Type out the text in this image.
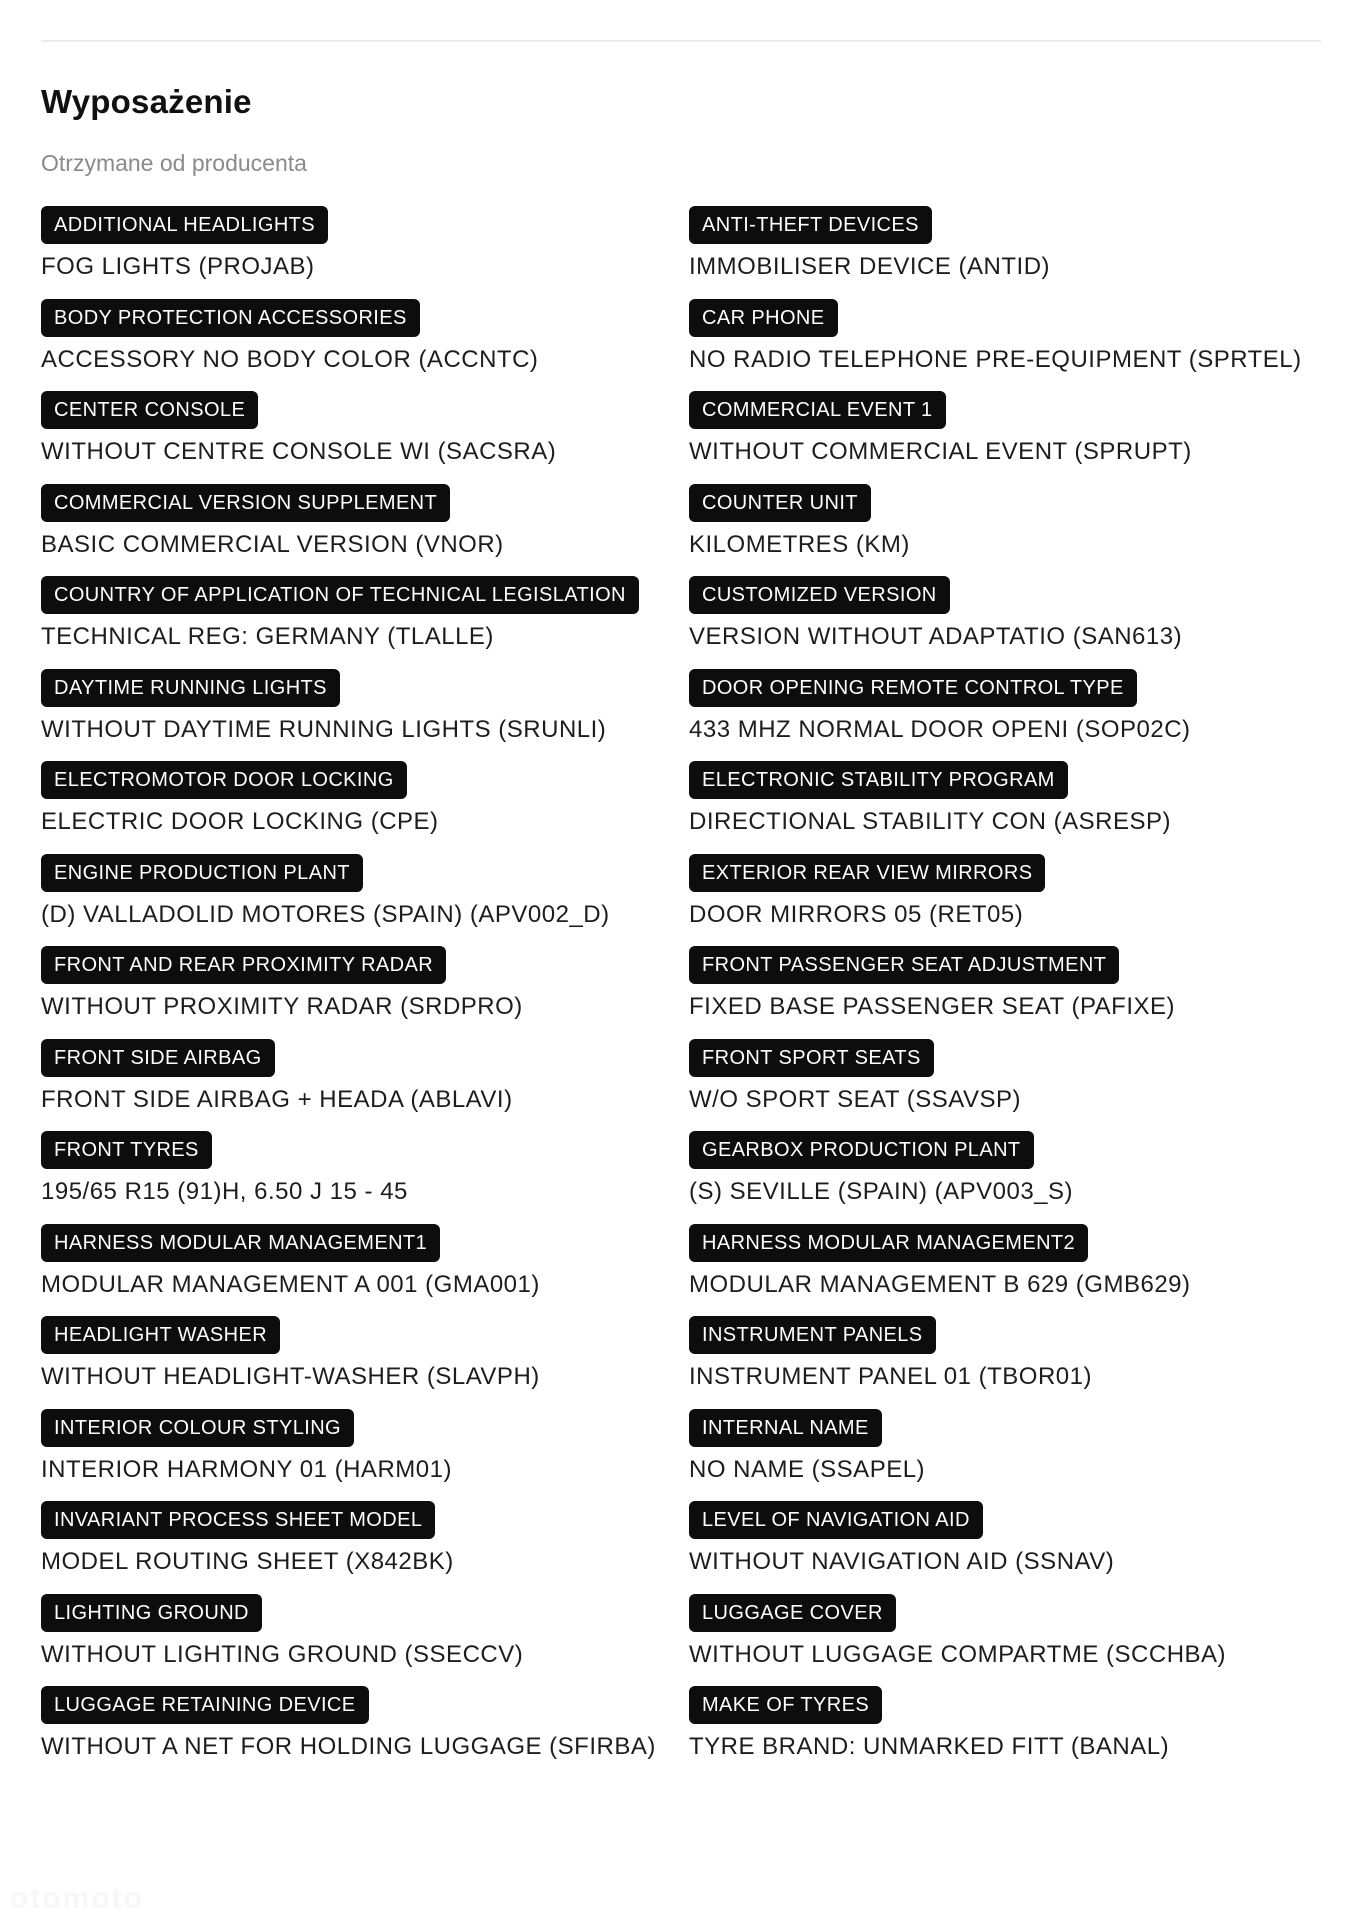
Wyposażenie
Otrzymane od producenta
ADDITIONAL HEADLIGHTS
FOG LIGHTS (PROJAB)
ANTI-THEFT DEVICES
IMMOBILISER DEVICE (ANTID)
BODY PROTECTION ACCESSORIES
ACCESSORY NO BODY COLOR (ACCNTC)
CAR PHONE
NO RADIO TELEPHONE PRE-EQUIPMENT (SPRTEL)
CENTER CONSOLE
WITHOUT CENTRE CONSOLE WI (SACSRA)
COMMERCIAL EVENT 1
WITHOUT COMMERCIAL EVENT (SPRUPT)
COMMERCIAL VERSION SUPPLEMENT
BASIC COMMERCIAL VERSION (VNOR)
COUNTER UNIT
KILOMETRES (KM)
COUNTRY OF APPLICATION OF TECHNICAL LEGISLATION
TECHNICAL REG: GERMANY (TLALLE)
CUSTOMIZED VERSION
VERSION WITHOUT ADAPTATIO (SAN613)
DAYTIME RUNNING LIGHTS
WITHOUT DAYTIME RUNNING LIGHTS (SRUNLI)
DOOR OPENING REMOTE CONTROL TYPE
433 MHZ NORMAL DOOR OPENI (SOP02C)
ELECTROMOTOR DOOR LOCKING
ELECTRIC DOOR LOCKING (CPE)
ELECTRONIC STABILITY PROGRAM
DIRECTIONAL STABILITY CON (ASRESP)
ENGINE PRODUCTION PLANT
(D) VALLADOLID MOTORES (SPAIN) (APV002_D)
EXTERIOR REAR VIEW MIRRORS
DOOR MIRRORS 05 (RET05)
FRONT AND REAR PROXIMITY RADAR
WITHOUT PROXIMITY RADAR (SRDPRO)
FRONT PASSENGER SEAT ADJUSTMENT
FIXED BASE PASSENGER SEAT (PAFIXE)
FRONT SIDE AIRBAG
FRONT SIDE AIRBAG + HEADA (ABLAVI)
FRONT SPORT SEATS
W/O SPORT SEAT (SSAVSP)
FRONT TYRES
195/65 R15 (91)H, 6.50 J 15 - 45
GEARBOX PRODUCTION PLANT
(S) SEVILLE (SPAIN) (APV003_S)
HARNESS MODULAR MANAGEMENT1
MODULAR MANAGEMENT A 001 (GMA001)
HARNESS MODULAR MANAGEMENT2
MODULAR MANAGEMENT B 629 (GMB629)
HEADLIGHT WASHER
WITHOUT HEADLIGHT-WASHER (SLAVPH)
INSTRUMENT PANELS
INSTRUMENT PANEL 01 (TBOR01)
INTERIOR COLOUR STYLING
INTERIOR HARMONY 01 (HARM01)
INTERNAL NAME
NO NAME (SSAPEL)
INVARIANT PROCESS SHEET MODEL
MODEL ROUTING SHEET (X842BK)
LEVEL OF NAVIGATION AID
WITHOUT NAVIGATION AID (SSNAV)
LIGHTING GROUND
WITHOUT LIGHTING GROUND (SSECCV)
LUGGAGE COVER
WITHOUT LUGGAGE COMPARTME (SCCHBA)
LUGGAGE RETAINING DEVICE
WITHOUT A NET FOR HOLDING LUGGAGE (SFIRBA)
MAKE OF TYRES
TYRE BRAND: UNMARKED FITT (BANAL)
otomoto
